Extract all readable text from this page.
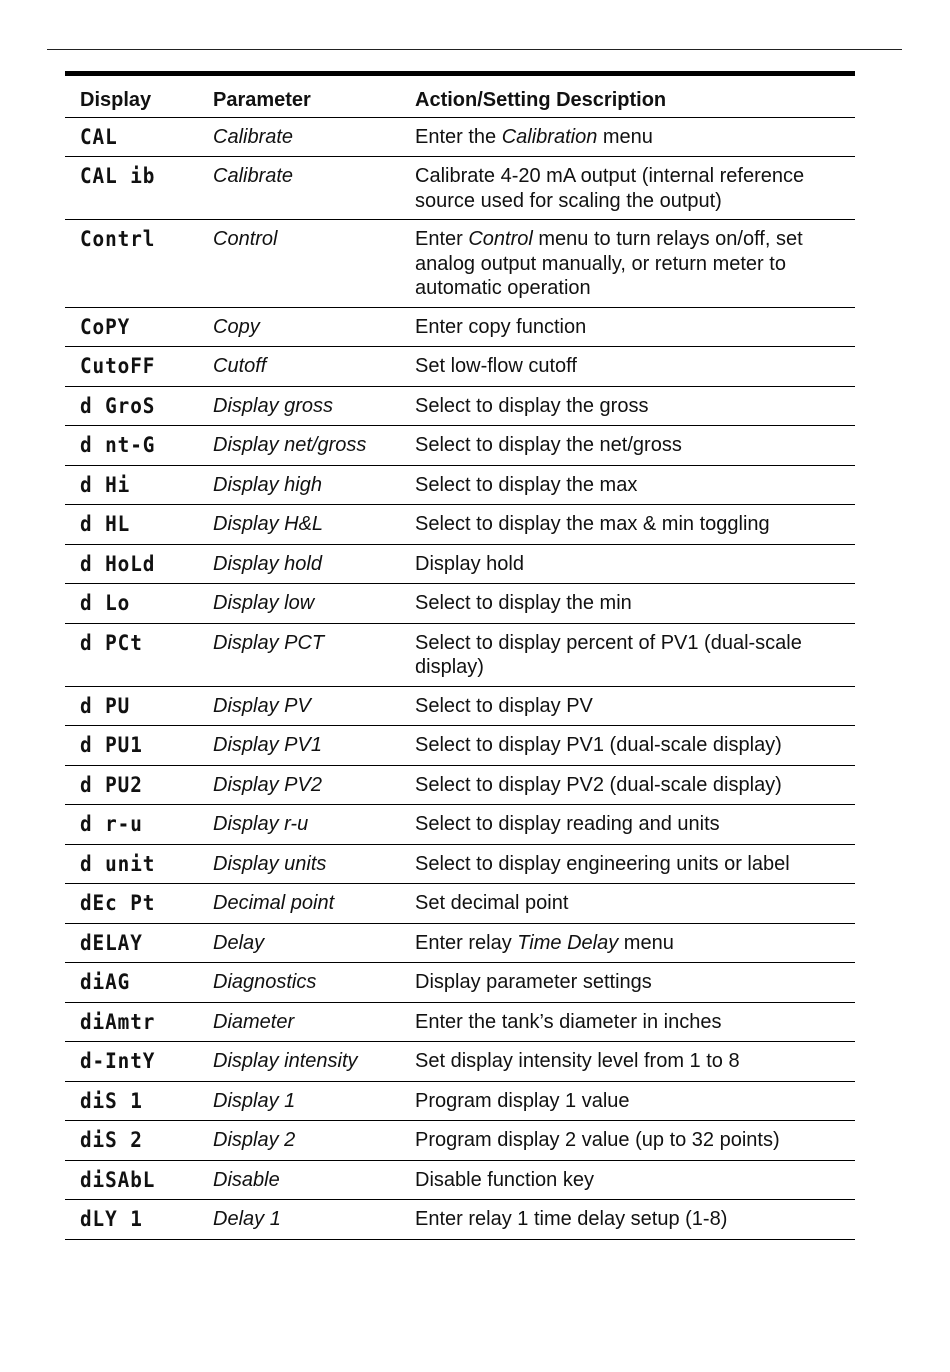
Display	Parameter	Action/Setting Description
CAL	Calibrate	Enter the Calibration menu
CAL ib	Calibrate	Calibrate 4-20 mA output (internal reference source used for scaling the output)
Contrl	Control	Enter Control menu to turn relays on/off, set analog output manually, or return meter to automatic operation
CoPY	Copy	Enter copy function
CutoFF	Cutoff	Set low-flow cutoff
d GroS	Display gross	Select to display the gross
d nt-G	Display net/gross	Select to display the net/gross
d Hi	Display high	Select to display the max
d HL	Display H&L	Select to display the max & min toggling
d HoLd	Display hold	Display hold
d Lo	Display low	Select to display the min
d PCt	Display PCT	Select to display percent of PV1 (dual-scale display)
d PU	Display PV	Select to display PV
d PU1	Display PV1	Select to display PV1 (dual-scale display)
d PU2	Display PV2	Select to display PV2 (dual-scale display)
d r-u	Display r-u	Select to display reading and units
d unit	Display units	Select to display engineering units or label
dEc Pt	Decimal point	Set decimal point
dELAY	Delay	Enter relay Time Delay menu
diAG	Diagnostics	Display parameter settings
diAmtr	Diameter	Enter the tank’s diameter in inches
d-IntY	Display intensity	Set display intensity level from 1 to 8
diS 1	Display 1	Program display 1 value
diS 2	Display 2	Program display 2 value (up to 32 points)
diSAbL	Disable	Disable function key
dLY 1	Delay 1	Enter relay 1 time delay setup (1-8)
